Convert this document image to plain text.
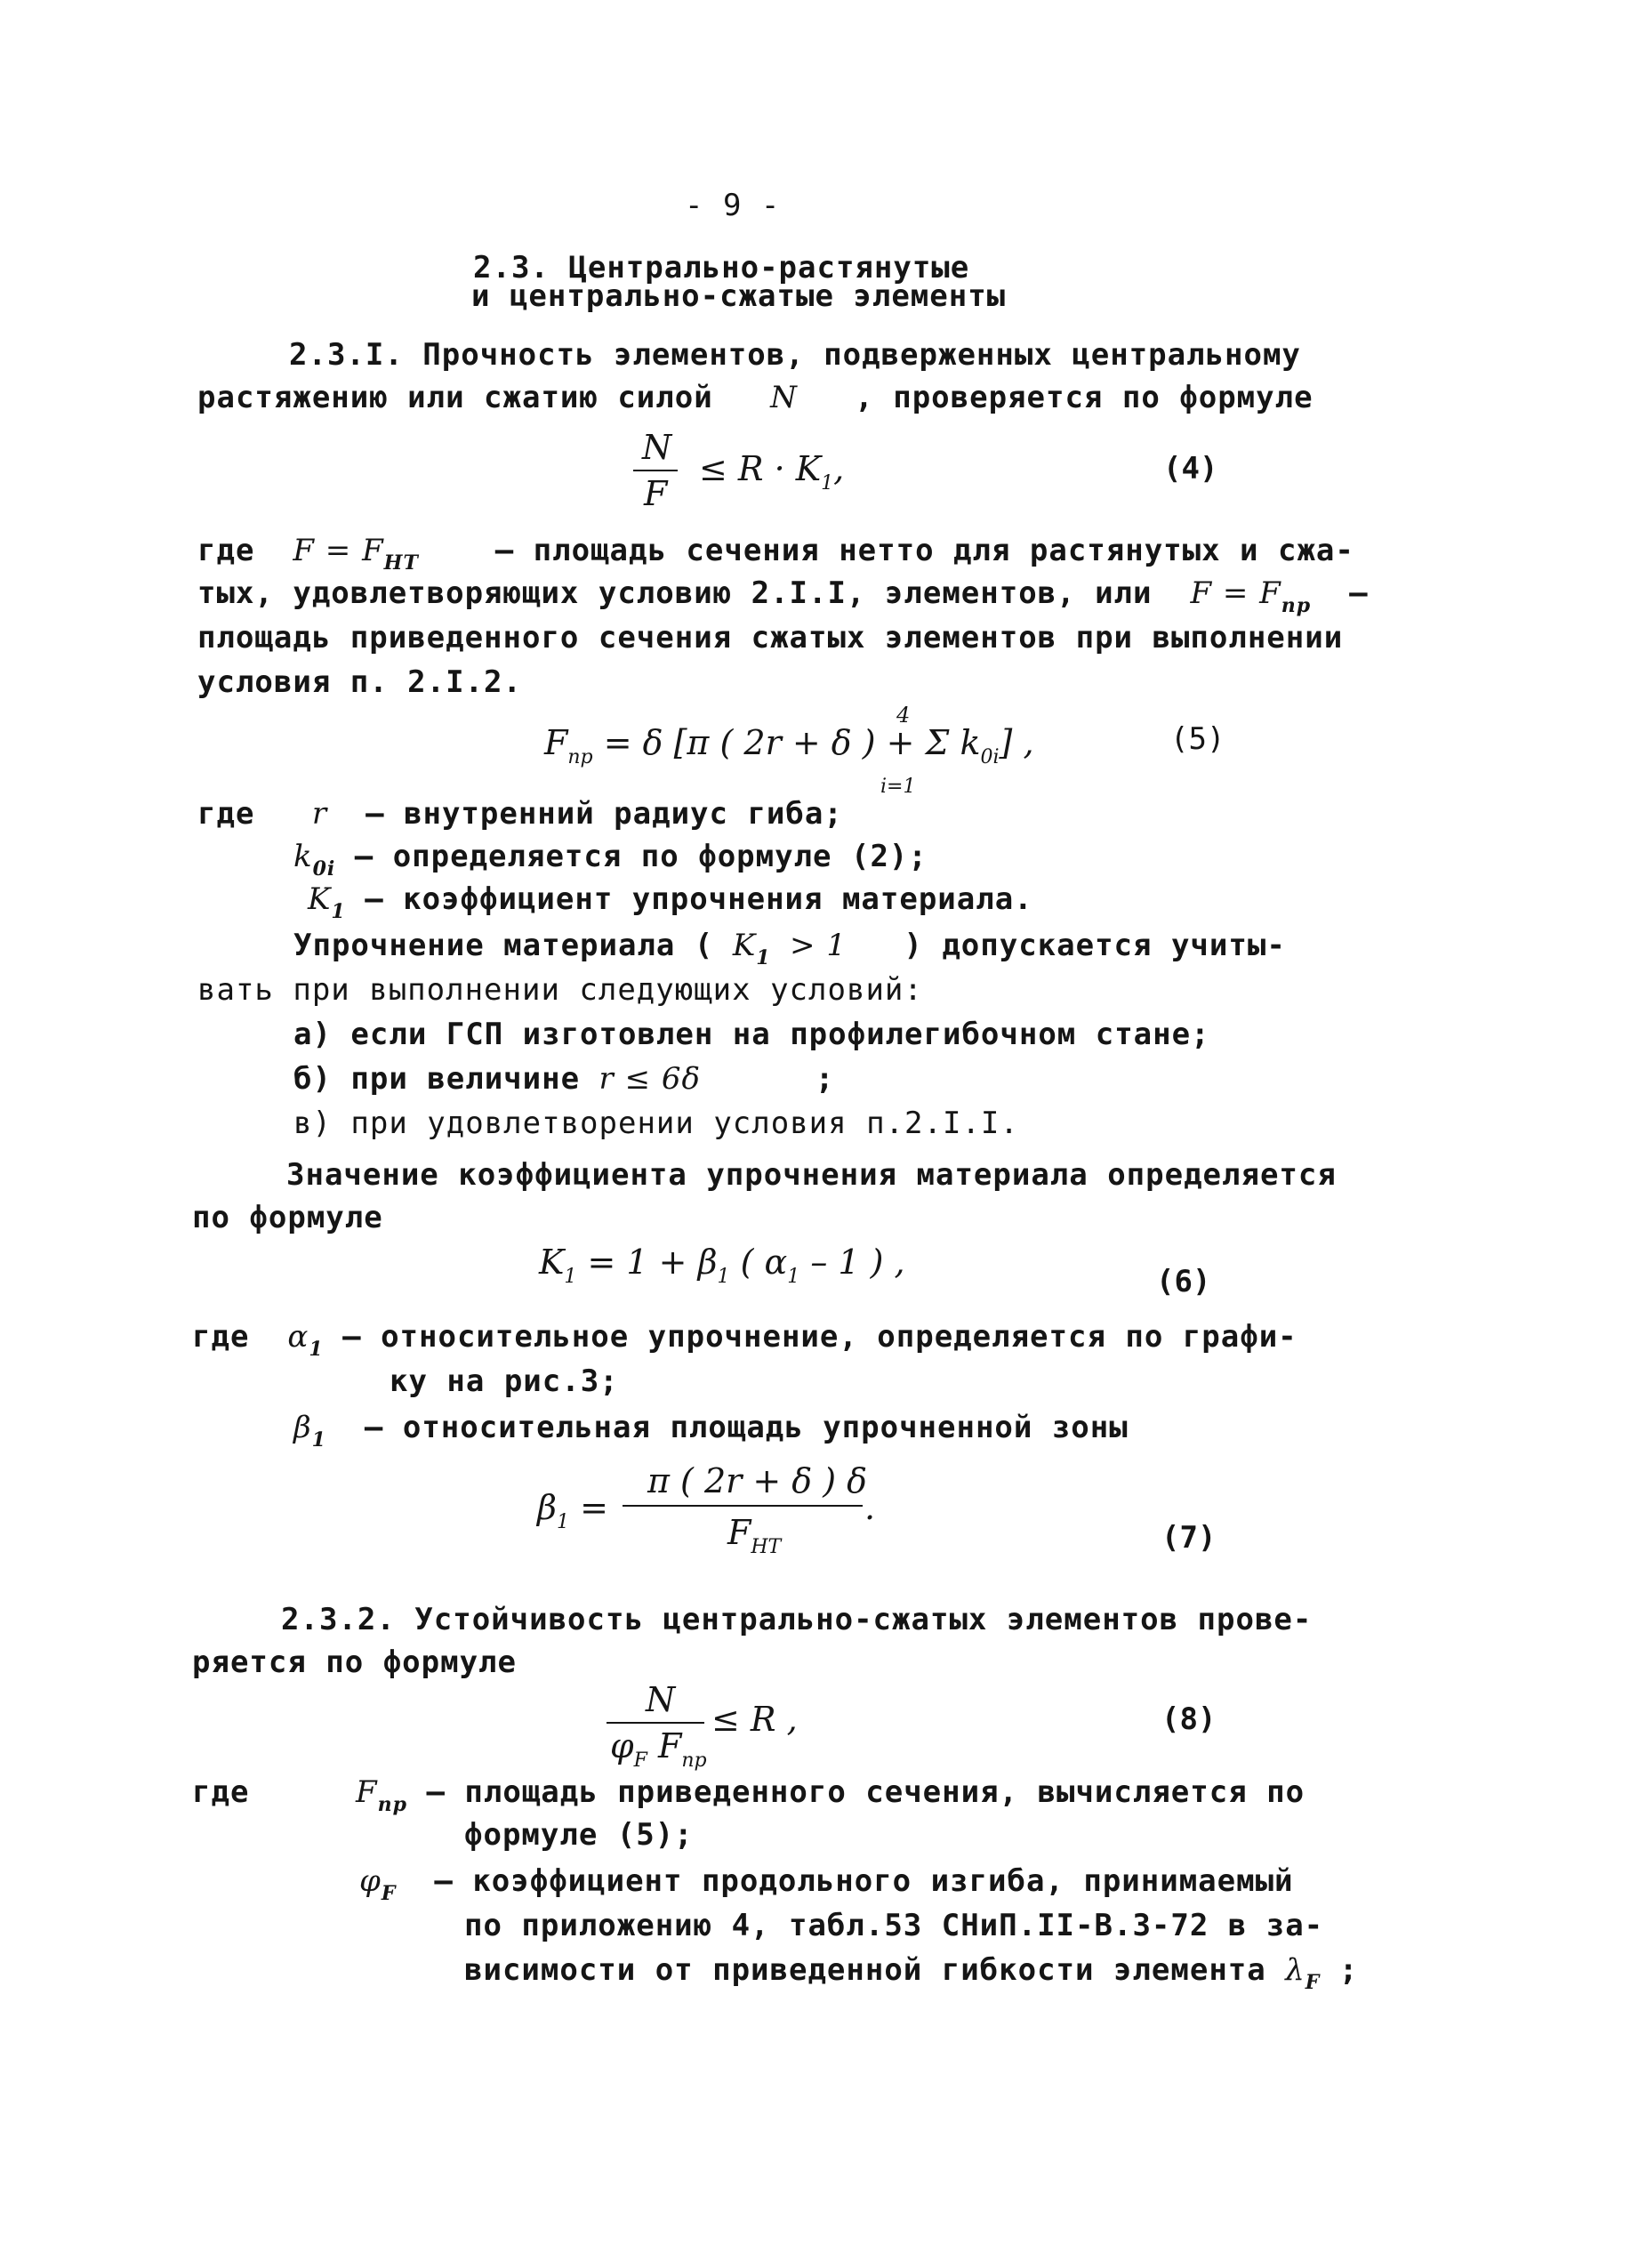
- 9 -
2.3. Центрально-растянутые
и центрально-сжатые элементы
2.3.I. Прочность элементов, подверженных центральному
растяжению или сжатию силой N , проверяется по формуле
N
F
≤ $R \cdot K_1$,	(4)
где $F = F_{НТ}$	– площадь сечения нетто для растянутых и сжа-
тых, удовлетворяющих условию 2.I.I, элементов, или $F = F_{пр}$ –
площадь приведенного сечения сжатых элементов при выполнении
условия п. 2.I.2.
$F_{пр} = \delta$ [π ( 2r + δ ) + Σ $k_{0i}$] ,
4
i=1
(5)
где r – внутренний радиус гиба;
$k_{0i}$ – определяется по формуле (2);
$K_1$ – коэффициент упрочнения материала.
Упрочнение материала ( $K_1 > 1$ ) допускается учиты-
вать при выполнении следующих условий:
а) если ГСП изготовлен на профилегибочном стане;
б) при величине r ≤ 6δ	;
в) при удовлетворении условия п.2.I.I.
Значение коэффициента упрочнения материала определяется
по формуле
$K_1 = 1 + \beta_1$ ( $\alpha_1 - 1$ ) ,	(6)
где $\alpha_1$ – относительное упрочнение, определяется по графи-
ку на рис.3;
$\beta_1$ – относительная площадь упрочненной зоны
$\beta_1$ =
π ( 2r + δ ) δ
$F_{НТ}$
.
(7)
2.3.2. Устойчивость центрально-сжатых элементов прове-
ряется по формуле
N
$\varphi_F$ $F_{пр}$
≤ R ,	(8)
где	$F_{пр}$ – площадь приведенного сечения, вычисляется по
формуле (5);
$\varphi_F$ – коэффициент продольного изгиба, принимаемый
по приложению 4, табл.53 СНиП.II-В.3-72 в за-
висимости от приведенной гибкости элемента $\lambda_F$ ;
